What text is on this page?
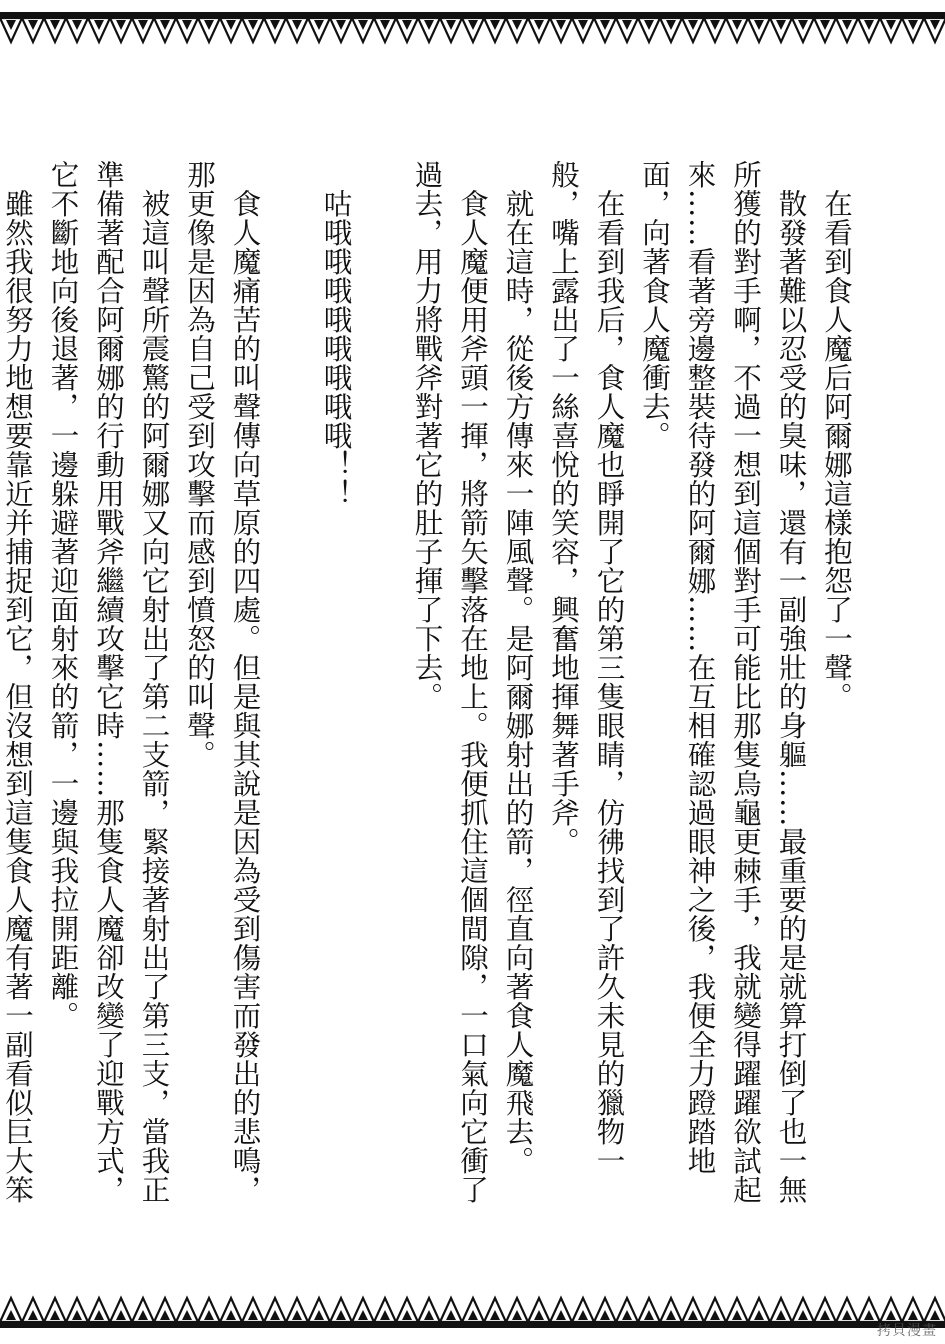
在看到食人魔后阿爾娜這樣抱怨了一聲。

散發著難以忍受的臭味，還有一副強壯的身軀……最重要的是就算打倒了也一無所獲的對手啊，不過一想到這個對手可能比那隻烏龜更棘手，我就變得躍躍欲試起來……看著旁邊整裝待發的阿爾娜……在互相確認過眼神之後，我便全力蹬踏地面，向著食人魔衝去。

在看到我后，食人魔也睜開了它的第三隻眼睛，仿彿找到了許久未見的獵物一般，嘴上露出了一絲喜悅的笑容，興奮地揮舞著手斧。

就在這時，從後方傳來一陣風聲。是阿爾娜射出的箭，徑直向著食人魔飛去。

食人魔便用斧頭一揮，將箭矢擊落在地上。我便抓住這個間隙，一口氣向它衝了過去，用力將戰斧對著它的肚子揮了下去。

咕哦哦哦哦哦哦哦哦！！

食人魔痛苦的叫聲傳向草原的四處。但是與其說是因為受到傷害而發出的悲鳴，那更像是因為自己受到攻擊而感到憤怒的叫聲。

被這叫聲所震驚的阿爾娜又向它射出了第二支箭，緊接著射出了第三支，當我正準備著配合阿爾娜的行動用戰斧繼續攻擊它時……那隻食人魔卻改變了迎戰方式，它不斷地向後退著，一邊躲避著迎面射來的箭，一邊與我拉開距離。

雖然我很努力地想要靠近并捕捉到它，但沒想到這隻食人魔有著一副看似巨大笨

拷貝漫畫
